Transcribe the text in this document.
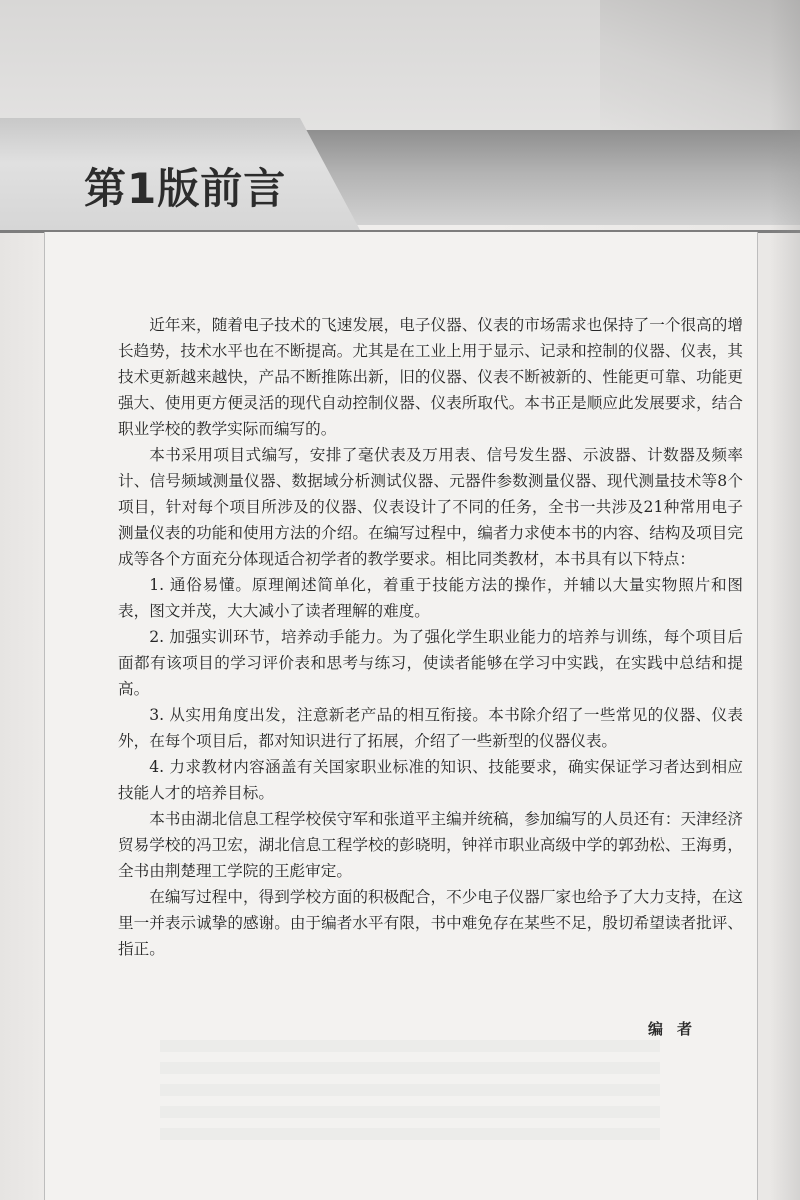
第1版前言

近年来，随着电子技术的飞速发展，电子仪器、仪表的市场需求也保持了一个很高的增长趋势，技术水平也在不断提高。尤其是在工业上用于显示、记录和控制的仪器、仪表，其技术更新越来越快，产品不断推陈出新，旧的仪器、仪表不断被新的、性能更可靠、功能更强大、使用更方便灵活的现代自动控制仪器、仪表所取代。本书正是顺应此发展要求，结合职业学校的教学实际而编写的。

本书采用项目式编写，安排了毫伏表及万用表、信号发生器、示波器、计数器及频率计、信号频域测量仪器、数据域分析测试仪器、元器件参数测量仪器、现代测量技术等8个项目，针对每个项目所涉及的仪器、仪表设计了不同的任务，全书一共涉及21种常用电子测量仪表的功能和使用方法的介绍。在编写过程中，编者力求使本书的内容、结构及项目完成等各个方面充分体现适合初学者的教学要求。相比同类教材，本书具有以下特点：

1. 通俗易懂。原理阐述简单化，着重于技能方法的操作，并辅以大量实物照片和图表，图文并茂，大大减小了读者理解的难度。

2. 加强实训环节，培养动手能力。为了强化学生职业能力的培养与训练，每个项目后面都有该项目的学习评价表和思考与练习，使读者能够在学习中实践，在实践中总结和提高。

3. 从实用角度出发，注意新老产品的相互衔接。本书除介绍了一些常见的仪器、仪表外，在每个项目后，都对知识进行了拓展，介绍了一些新型的仪器仪表。

4. 力求教材内容涵盖有关国家职业标准的知识、技能要求，确实保证学习者达到相应技能人才的培养目标。

本书由湖北信息工程学校侯守军和张道平主编并统稿，参加编写的人员还有：天津经济贸易学校的冯卫宏，湖北信息工程学校的彭晓明，钟祥市职业高级中学的郭劲松、王海勇，全书由荆楚理工学院的王彪审定。

在编写过程中，得到学校方面的积极配合，不少电子仪器厂家也给予了大力支持，在这里一并表示诚挚的感谢。由于编者水平有限，书中难免存在某些不足，殷切希望读者批评、指正。

编者
